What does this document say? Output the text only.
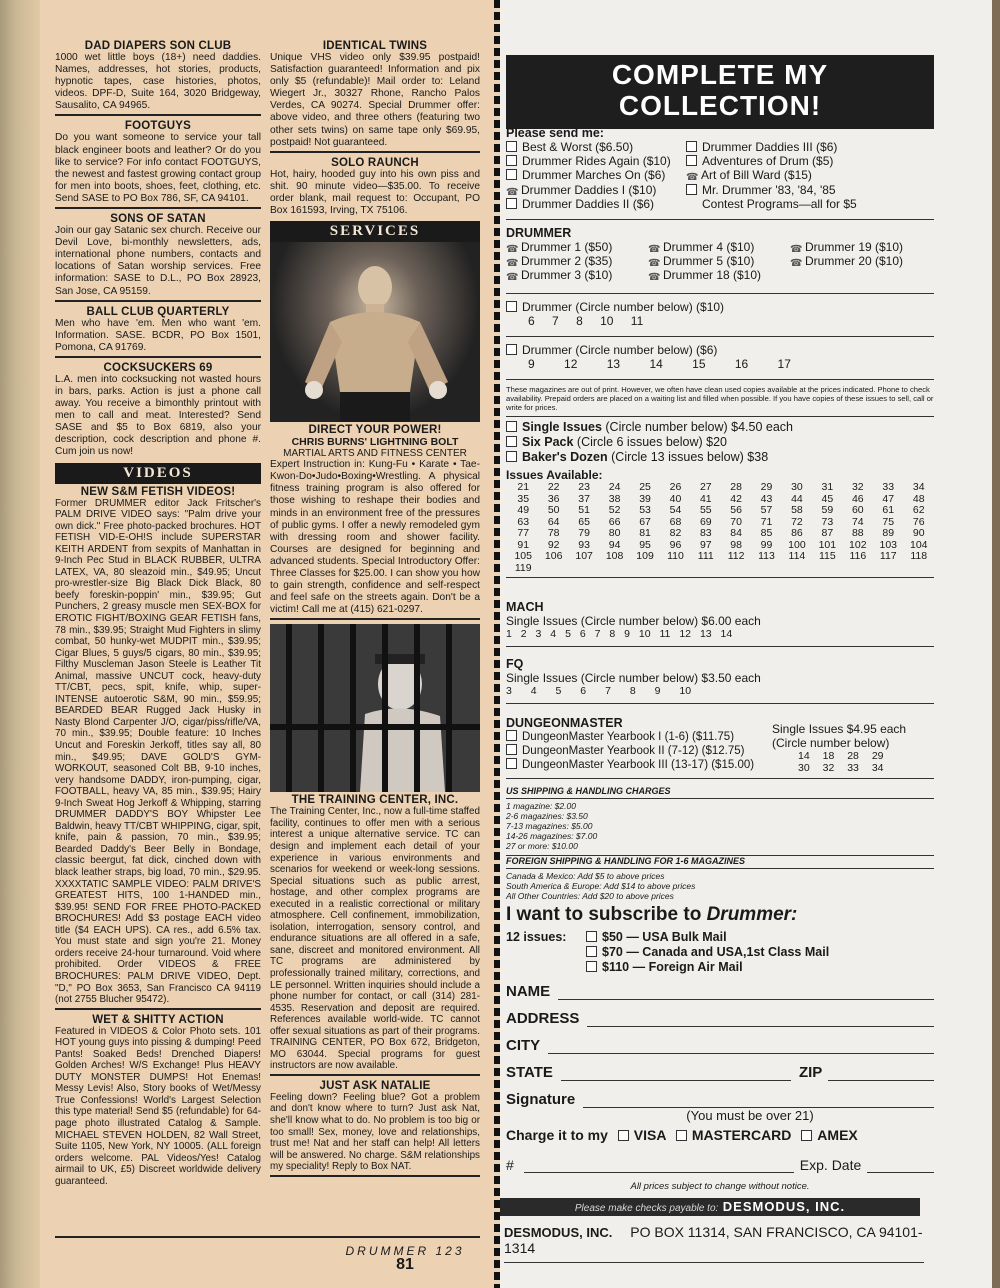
DAD DIAPERS SON CLUB

1000 wet little boys (18+) need daddies. Names, addresses, hot stories, products, hypnotic tapes, case histories, photos, videos. DPF-D, Suite 164, 3020 Bridgeway, Sausalito, CA 94965.

FOOTGUYS

Do you want someone to service your tall black engineer boots and leather? Or do you like to service? For info contact FOOTGUYS, the newest and fastest growing contact group for men into boots, shoes, feet, clothing, etc. Send SASE to PO Box 786, SF, CA 94101.

SONS OF SATAN

Join our gay Satanic sex church. Receive our Devil Love, bi-monthly newsletters, ads, international phone numbers, contacts and locations of Satan worship services. Free information: SASE to D.L., PO Box 28923, San Jose, CA 95159.

BALL CLUB QUARTERLY

Men who have 'em. Men who want 'em. Information. SASE. BCDR, PO Box 1501, Pomona, CA 91769.

COCKSUCKERS 69

L.A. men into cocksucking not wasted hours in bars, parks. Action is just a phone call away. You receive a bimonthly printout with men to call and meat. Interested? Send SASE and $5 to Box 6819, also your description, cock description and phone #. Cum join us now!

VIDEOS
NEW S&M FETISH VIDEOS!

Former DRUMMER editor Jack Fritscher's PALM DRIVE VIDEO says: "Palm drive your own dick." Free photo-packed brochures. HOT FETISH VID-E-OH!S include SUPERSTAR KEITH ARDENT from sexpits of Manhattan in 9-Inch Pec Stud in BLACK RUBBER, ULTRA LATEX, VA, 80 sleazoid min., $49.95; Uncut pro-wrestler-size Big Black Dick Black, 80 beefy foreskin-poppin' min., $39.95; Gut Punchers, 2 greasy muscle men SEX-BOX for EROTIC FIGHT/BOXING GEAR FETISH fans, 78 min., $39.95; Straight Mud Fighters in slimy combat, 50 hunky-wet MUDPIT min., $39.95; Cigar Blues, 5 guys/5 cigars, 80 min., $39.95; Filthy Muscleman Jason Steele is Leather Tit Animal, massive UNCUT cock, heavy-duty TT/CBT, pecs, spit, knife, whip, super-INTENSE autoerotic S&M, 90 min., $59.95; BEARDED BEAR Rugged Jack Husky in Nasty Blond Carpenter J/O, cigar/piss/rifle/VA, 70 min., $39.95; Double feature: 10 Inches Uncut and Foreskin Jerkoff, titles say all, 80 min., $49.95; DAVE GOLD'S GYM-WORKOUT, seasoned Colt BB, 9-10 inches, very handsome DADDY, iron-pumping, cigar, FOOTBALL, heavy VA, 85 min., $39.95; Hairy 9-Inch Sweat Hog Jerkoff & Whipping, starring DRUMMER DADDY'S BOY Whipster Lee Baldwin, heavy TT/CBT WHIPPING, cigar, spit, knife, pain & passion, 70 min., $39.95; Bearded Daddy's Beer Belly in Bondage, classic beergut, fat dick, cinched down with black leather straps, big load, 70 min., $29.95. XXXXTATIC SAMPLE VIDEO: PALM DRIVE'S GREATEST HITS, 100 1-HANDED min., $39.95! SEND FOR FREE PHOTO-PACKED BROCHURES! Add $3 postage EACH video title ($4 EACH UPS). CA res., add 6.5% tax. You must state and sign you're 21. Money orders receive 24-hour turnaround. Void where prohibited. Order VIDEOS & FREE BROCHURES: PALM DRIVE VIDEO, Dept. "D," PO Box 3653, San Francisco CA 94119 (not 2755 Blucher 95472).

WET & SHITTY ACTION

Featured in VIDEOS & Color Photo sets. 101 HOT young guys into pissing & dumping! Peed Pants! Soaked Beds! Drenched Diapers! Golden Arches! W/S Exchange! Plus HEAVY DUTY MONSTER DUMPS! Hot Enemas! Messy Levis! Also, Story books of Wet/Messy True Confessions! World's Largest Selection this type material! Send $5 (refundable) for 64-page photo illustrated Catalog & Sample. MICHAEL STEVEN HOLDEN, 82 Wall Street, Suite 1105, New York, NY 10005. (ALL foreign orders welcome. PAL Videos/Yes! Catalog airmail to UK, £5) Discreet worldwide delivery guaranteed.

IDENTICAL TWINS

Unique VHS video only $39.95 postpaid! Satisfaction guaranteed! Information and pix only $5 (refundable)! Mail order to: Leland Wiegert Jr., 30327 Rhone, Rancho Palos Verdes, CA 90274. Special Drummer offer: above video, and three others (featuring two other sets twins) on same tape only $69.95, postpaid! Not guaranteed.

SOLO RAUNCH

Hot, hairy, hooded guy into his own piss and shit. 90 minute video—$35.00. To receive order blank, mail request to: Occupant, PO Box 161593, Irving, TX 75106.

SERVICES
DIRECT YOUR POWER!
CHRIS BURNS' LIGHTNING BOLT
MARTIAL ARTS AND FITNESS CENTER

Expert Instruction in: Kung-Fu • Karate • Tae-Kwon-Do•Judo•Boxing•Wrestling. A physical fitness training program is also offered for those wishing to reshape their bodies and minds in an environment free of the pressures of public gyms. I offer a newly remodeled gym with dressing room and shower facility. Courses are designed for beginning and advanced students. Special Introductory Offer: Three Classes for $25.00. I can show you how to gain strength, confidence and self-respect and feel safe on the streets again. Don't be a victim! Call me at (415) 621-0297.

THE TRAINING CENTER, INC.

The Training Center, Inc., now a full-time staffed facility, continues to offer men with a serious interest a unique alternative service. TC can design and implement each detail of your experience in various environments and scenarios for weekend or week-long sessions. Special situations such as public arrest, hostage, and other complex programs are executed in a realistic correctional or military atmosphere. Cell confinement, immobilization, isolation, interrogation, sensory control, and endurance situations are all offered in a safe, sane, discreet and monitored environment. All TC programs are administered by professionally trained military, corrections, and LE personnel. Written inquiries should include a phone number for contact, or call (314) 281-4535. Reservation and deposit are required. References available world-wide. TC cannot offer sexual situations as part of their programs. TRAINING CENTER, PO Box 672, Bridgeton, MO 63044. Special programs for guest instructors are now available.

JUST ASK NATALIE

Feeling down? Feeling blue? Got a problem and don't know where to turn? Just ask Nat, she'll know what to do. No problem is too big or too small! Sex, money, love and relationships, trust me! Nat and her staff can help! All letters will be answered. No charge. S&M relationships my speciality! Reply to Box NAT.

DRUMMER 123
81
COMPLETE MY
COLLECTION!
Please send me:
Best & Worst ($6.50)
Drummer Rides Again ($10)
Drummer Marches On ($6)
☎ Drummer Daddies I ($10)
Drummer Daddies II ($6)
Drummer Daddies III ($6)
Adventures of Drum ($5)
☎ Art of Bill Ward ($15)
Mr. Drummer '83, '84, '85
Contest Programs—all for $5
DRUMMER
☎ Drummer 1 ($50)	☎ Drummer 4 ($10)	☎ Drummer 19 ($10)
☎ Drummer 2 ($35)	☎ Drummer 5 ($10)	☎ Drummer 20 ($10)
☎ Drummer 3 ($10)	☎ Drummer 18 ($10)
Drummer (Circle number below) ($10)
6 7 8 10 11
Drummer (Circle number below) ($6)
9 12 13 14 15 16 17
These magazines are out of print. However, we often have clean used copies available at the prices indicated. Phone to check availability. Prepaid orders are placed on a waiting list and filled when possible. If you have copies of these issues to sell, call or write for prices.
Single Issues (Circle number below) $4.50 each
Six Pack (Circle 6 issues below) $20
Baker's Dozen (Circle 13 issues below) $38
Issues Available:
21	22	23	24	25	26	27	28	29	30	31	32	33	34
35	36	37	38	39	40	41	42	43	44	45	46	47	48
49	50	51	52	53	54	55	56	57	58	59	60	61	62
63	64	65	66	67	68	69	70	71	72	73	74	75	76
77	78	79	80	81	82	83	84	85	86	87	88	89	90
91	92	93	94	95	96	97	98	99	100	101	102	103	104
105	106	107	108	109	110	111	112	113	114	115	116	117	118
119													
MACH
Single Issues (Circle number below) $6.00 each
1 2 3 4 5 6 7 8 9 10 11 12 13 14
FQ
Single Issues (Circle number below) $3.50 each
3 4 5 6 7 8 9 10
DUNGEONMASTER
DungeonMaster Yearbook I (1-6) ($11.75)
DungeonMaster Yearbook II (7-12) ($12.75)
DungeonMaster Yearbook III (13-17) ($15.00)
Single Issues $4.95 each
(Circle number below)
14 18 28 29
30 32 33 34
US SHIPPING & HANDLING CHARGES
1 magazine: $2.00
2-6 magazines: $3.50
7-13 magazines: $5.00
14-26 magazines: $7.00
27 or more: $10.00
FOREIGN SHIPPING & HANDLING FOR 1-6 MAGAZINES
Canada & Mexico: Add $5 to above prices
South America & Europe: Add $14 to above prices
All Other Countries: Add $20 to above prices
I want to subscribe to Drummer:
12 issues:	$50 — USA Bulk Mail
$70 — Canada and USA,1st Class Mail
$110 — Foreign Air Mail
NAME
ADDRESS
CITY
STATE	ZIP
Signature
(You must be over 21)
Charge it to my VISA MASTERCARD AMEX
#	Exp. Date
All prices subject to change without notice.
Please make checks payable to: DESMODUS, INC.
DESMODUS, INC. PO BOX 11314, SAN FRANCISCO, CA 94101-1314
